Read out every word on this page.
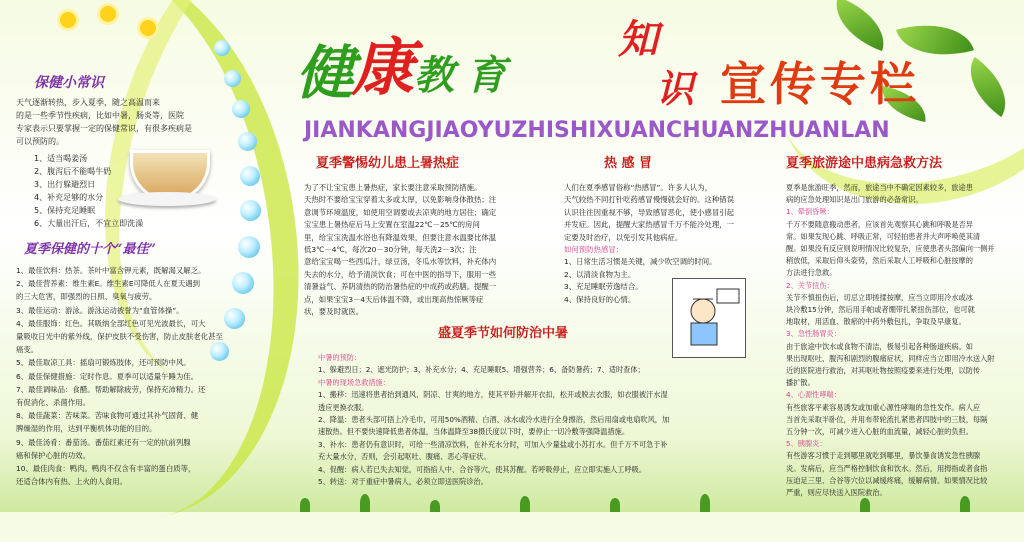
健
康 教 育
知
识 宣传专栏
JIANKANGJIAOYUZHISHIXUANCHUANZHUANLAN
保健小常识
天气逐渐转热，步入夏季，随之高温而来
的是一些季节性疾病，比如中暑，肠炎等，医院
专家表示只要掌握一定的保健常识，有很多疾病是
可以预防的。
1、适当喝姜汤
2、腹泻后不能喝牛奶
3、出行躲避烈日
4、补充足够的水分
5、保持充足睡眠
6、大量出汗后，不宜立即洗澡
夏季保健的十个“最佳”
1、最佳饮料：热茶。茶叶中富含钾元素，既解渴又解乏。
2、最佳营养素：维生素E。维生素E可降低人在夏天遇到
的三大危害，即强烈的日照、臭氧与疲劳。
3、最佳运动：游泳。游泳运动被誉为“血管体操”。
4、最佳服饰：红色。其吸纳全部红色可见光波最长，可大
量吸收日光中的紫外线，保护皮肤不受伤害，防止皮肤老化甚至
癌变。
5、最佳取凉工具：摇扇可锻炼肢体，还可预防中风。
6、最佳保健措施：定时作息。夏季可以适量午睡为佳。
7、最佳调味品：食醋。帮助解除疲劳，保持充沛精力。还
有促消化、杀菌作用。
8、最佳蔬菜：苦味菜。苦味食物可通过其补气固肾、健
脾燥湿的作用，达到平衡机体功能的目的。
9、最佳汤肴：番茄汤。番茄红素还有一定的抗前列腺
癌和保护心脏的功效。
10、最佳肉食：鸭肉。鸭肉不仅含有丰富的蛋白质等，
还适合体内有热、上火的人食用。
夏季警惕幼儿患上暑热症
为了不让宝宝患上暑热症，家长要注意采取预防措施。
天热时不要给宝宝穿着太多或太厚，以免影响身体散热；注
意调节环境温度，如使用空调要或去凉爽的地方居住；确定
宝宝患上暑热症后马上安置在室温22℃－25℃的房间
里，给宝宝洗温水浴也有降温效果，但要注意水温要比体温
低3℃－4℃，每次20－30分钟，每天洗2－3次；注
意给宝宝喝一些西瓜汁，绿豆汤，冬瓜水等饮料，补充体内
失去的水分，给予清淡饮食；可在中医的指导下，服用一些
清暑益气、养阴清热的防治暑热症的中成药或药膳。提醒一
点，如果宝宝3－4天后体温不降，或出现高热惊厥等症
状，要及时就医。
热 感 冒
人们在夏季感冒俗称“热感冒”。许多人认为，
天气较热不同打针吃药感冒慢慢就会好的。这种错误
认识往往因重视不够，导致感冒恶化，使小感冒引起
并发症。因此，提醒大家热感冒千万不能冷处理，一
定要及时治疗，以免引发其他病症。
如何预防热感冒：
1、日常生活习惯是关键，减少吹空调的时间。
2、以清淡食物为主。
3、充足睡眠劳逸结合。
4、保持良好的心情。
盛夏季节如何防治中暑
中暑的预防：
1、躲避烈日；2、遮光防护；3、补充水分；4、充足睡眠5、增强营养；6、备防暑药；7、适时查体；
中暑的现场急救措施：
1、搬移：迅速将患者抬到通风、阴凉、甘爽的地方，使其平卧并解开衣扣，松开或脱去衣服，如衣服被汗水湿
透应更换衣服。
2、降温：患者头部可捂上冷毛巾，可用50%酒精、白酒、冰水或冷水进行全身擦浴，然后用扇或电扇吹风，加
速散热。但不要快速降低患者体温，当体温降至38摄氏度以下时，要停止一切冷敷等强降温措施。
3、补水：患者仍有意识时，可给一些清凉饮料，在补充水分时，可加入少量盐或小苏打水。但千万不可急于补
充大量水分，否则，会引起呕吐、腹痛、恶心等症状。
4、促醒：病人若已失去知觉，可指掐人中、合谷等穴，使其苏醒。若呼吸停止，应立即实施人工呼吸。
5、转送：对于重症中暑病人，必须立即送医院诊治。
夏季旅游途中患病急救方法
夏季是旅游旺季，然而，旅途当中不确定因素较多，旅途患
病的应急处理知识是出门旅游的必备常识。
1、晕倒昏厥：
千万不要随意搬动患者，应该首先观察其心跳和呼吸是否异
常。如果发现心跳、呼吸正常，可轻拍患者并大声呼唤使其清
醒。如果没有反应则说明情况比较复杂，应使患者头部偏向一侧并
稍放低，采取后仰头姿势，然后采取人工呼吸和心脏按摩的
方法进行急救。
2、关节扭伤：
关节不慎扭伤后，切忌立即搓揉按摩，应当立即用冷水或冰
块冷敷15分钟，然后用手帕或者绷带扎紧扭伤部位，也可就
地取材，用活血、散瘀的中药外敷包扎，争取及早康复。
3、急性肠胃炎：
由于旅途中饮水或食物不清洁，极易引起各种肠道疾病。如
果出现呕吐、腹泻和剧烈的腹痛症状，同样应当立即用冷水送入附
近的医院进行救治，对其呕吐物按照疫要来进行处理，以防传
播扩散。
4、心源性哮喘：
有些旅客平素容易诱发或加重心源性哮喘的急性发作。病人应
当首先采取半卧位，并用布带轮流扎紧患者四肢中的三肢，每隔
五分钟一次，可减少进入心脏的血流量，减轻心脏的负担。
5、胰腺炎：
有些游客习惯于走到哪里就吃到哪里，暴饮暴食诱发急性胰腺
炎。发病后，应当严格控制饮食和饮水。然后，用拇指或者食指
压迫足三里、合谷等穴位以减缓疼痛，缓解病情。如果情况比较
严重，则应尽快送入医院救治。
